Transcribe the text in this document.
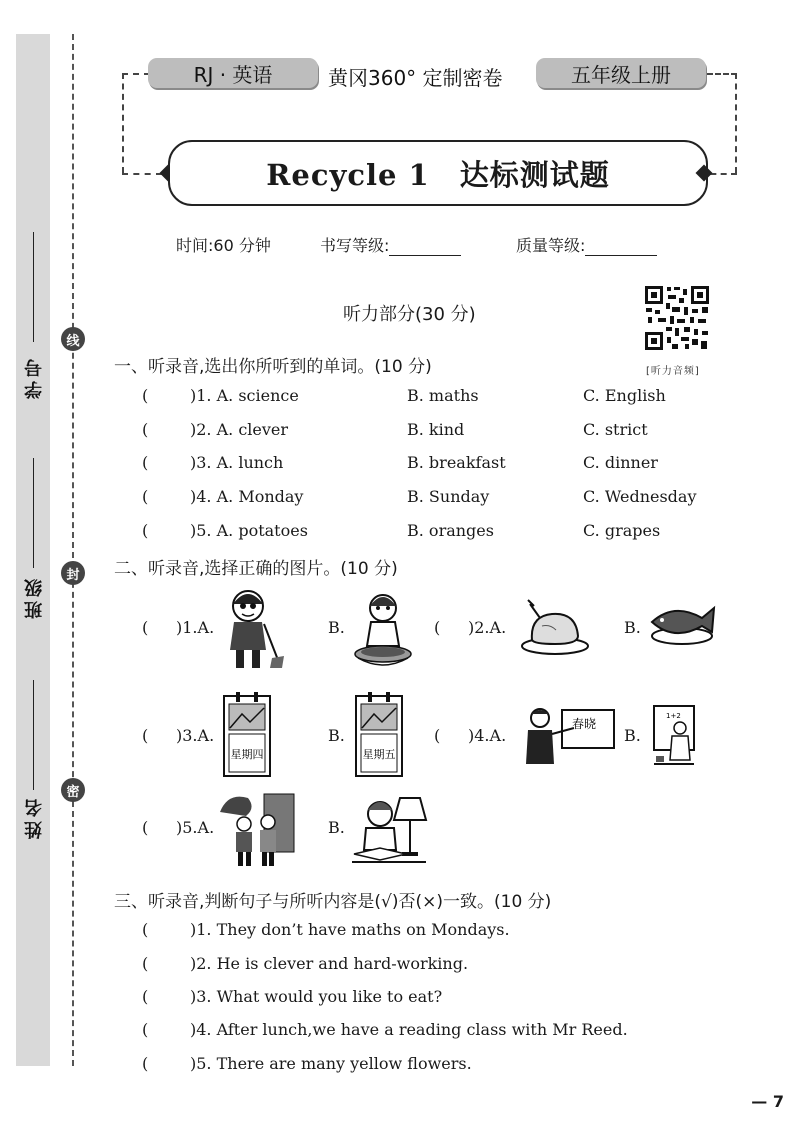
学号
班级
姓名
线
封
密
RJ · 英语	黄冈360° 定制密卷	五年级上册
Recycle 1　达标测试题
时间:60 分钟	书写等级:	质量等级:
听力部分(30 分)
[听力音频]
一、听录音,选出你所听到的单词。(10 分)
(	)1. A. science	B. maths	C. English
(	)2. A. clever	B. kind	C. strict
(	)3. A. lunch	B. breakfast	C. dinner
(	)4. A. Monday	B. Sunday	C. Wednesday
(	)5. A. potatoes	B. oranges	C. grapes
二、听录音,选择正确的图片。(10 分)
( )1.A.	B.	( )2.A.	B.
( )3.A.
星期四
B.
星期五
( )4.A.
春晓
B.
1+2
( )5.A.	B.
三、听录音,判断句子与所听内容是(√)否(×)一致。(10 分)
(	)1. They don’t have maths on Mondays.
(	)2. He is clever and hard-working.
(	)3. What would you like to eat?
(	)4. After lunch,we have a reading class with Mr Reed.
(	)5. There are many yellow flowers.
— 7
